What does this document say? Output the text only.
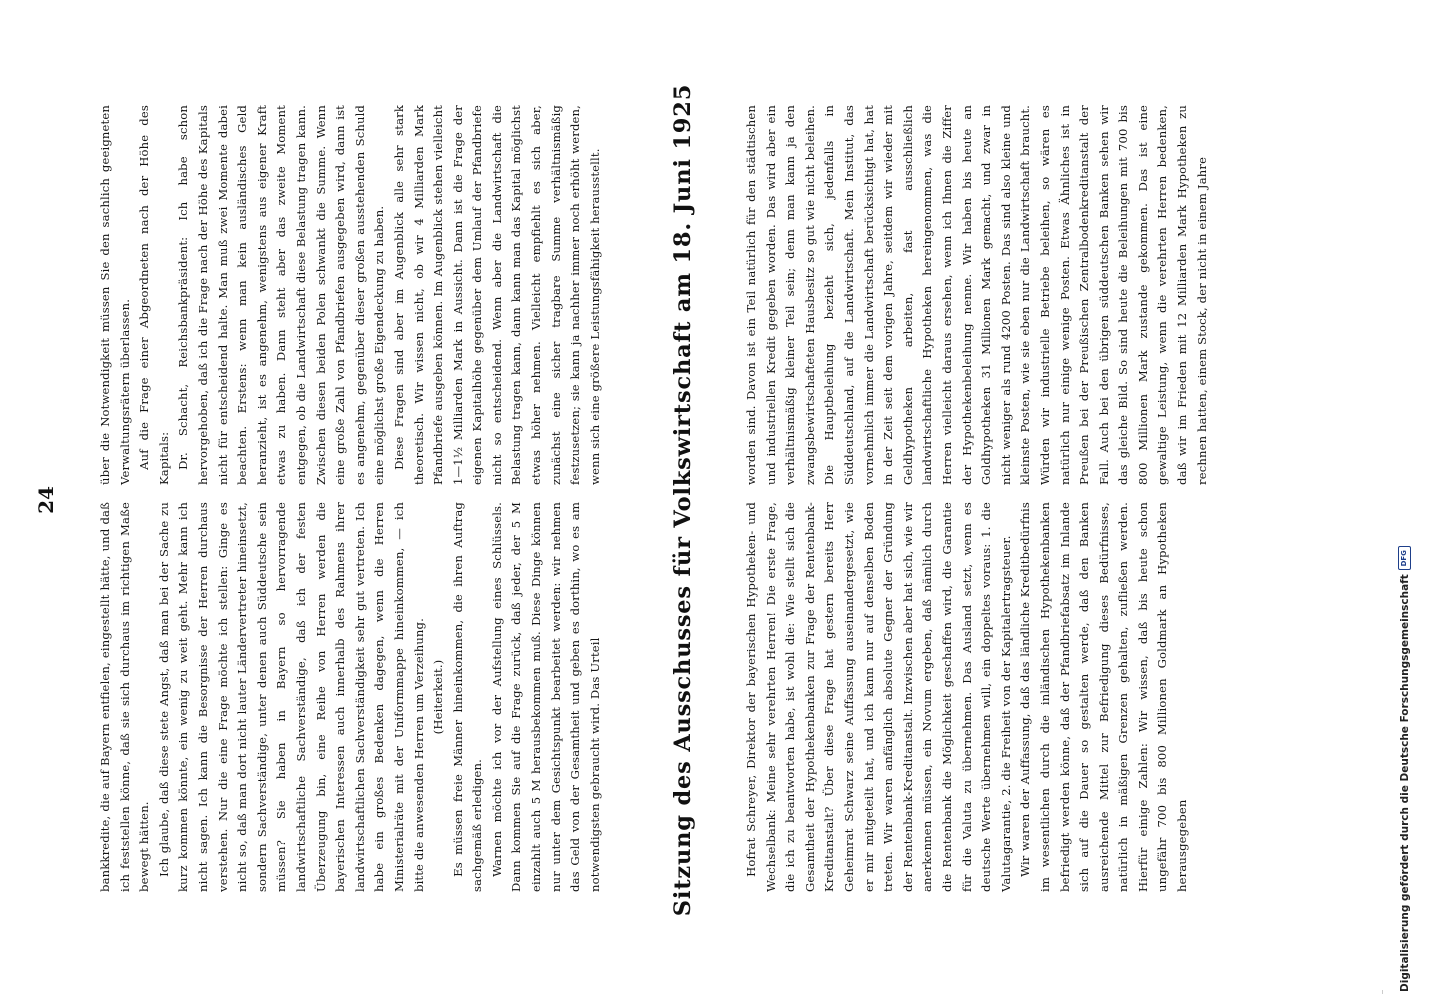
24

bankkredite, die auf Bayern entfielen, eingestellt hätte, und daß ich feststellen könne, daß sie sich durchaus im richtigen Maße bewegt hätten. Ich glaube, daß diese stete Angst, daß man bei der Sache zu kurz kommen könnte, ein wenig zu weit geht. Mehr kann ich nicht sagen. Ich kann die Besorgnisse der Herren durchaus verstehen. Nur die eine Frage möchte ich stellen: Ginge es nicht so, daß man dort nicht lauter Ländervertreter hineinsetzt, sondern Sachverständige, unter denen auch Süddeutsche sein müssen? Sie haben in Bayern so hervorragende landwirtschaftliche Sachverständige, daß ich der festen Überzeugung bin, eine Reihe von Herren werden die bayerischen Interessen auch innerhalb des Rahmens ihrer landwirtschaftlichen Sachverständigkeit sehr gut vertreten. Ich habe ein großes Bedenken dagegen, wenn die Herren Ministerialräte mit der Uniformmappe hineinkommen, — ich bitte die anwesenden Herren um Verzeihung. (Heiterkeit.) Es müssen freie Männer hineinkommen, die ihren Auftrag sachgemäß erledigen. Warnen möchte ich vor der Aufstellung eines Schlüssels. Dann kommen Sie auf die Frage zurück, daß jeder, der 5 M einzahlt auch 5 M herausbekommen muß. Diese Dinge können nur unter dem Gesichtspunkt bearbeitet werden: wir nehmen das Geld von der Gesamtheit und geben es dorthin, wo es am notwendigsten gebraucht wird. Das Urteil

über die Notwendigkeit müssen Sie den sachlich geeigneten Verwaltungsrätern überlassen. Auf die Frage einer Abgeordneten nach der Höhe des Kapitals: Dr. Schacht, Reichsbankpräsident: Ich habe schon hervorgehoben, daß ich die Frage nach der Höhe des Kapitals nicht für entscheidend halte. Man muß zwei Momente dabei beachten. Erstens: wenn man kein ausländisches Geld heranzieht, ist es angenehm, wenigstens aus eigener Kraft etwas zu haben. Dann steht aber das zweite Moment entgegen, ob die Landwirtschaft diese Belastung tragen kann. Zwischen diesen beiden Polen schwankt die Summe. Wenn eine große Zahl von Pfandbriefen ausgegeben wird, dann ist es angenehm, gegenüber dieser großen ausstehenden Schuld eine möglichst große Eigendeckung zu haben. Diese Fragen sind aber im Augenblick alle sehr stark theoretisch. Wir wissen nicht, ob wir 4 Milliarden Mark Pfandbriefe ausgeben können. Im Augenblick stehen vielleicht 1—1½ Milliarden Mark in Aussicht. Dann ist die Frage der eigenen Kapitalhöhe gegenüber dem Umlauf der Pfandbriefe nicht so entscheidend. Wenn aber die Landwirtschaft die Belastung tragen kann, dann kann man das Kapital möglichst etwas höher nehmen. Vielleicht empfiehlt es sich aber, zunächst eine sicher tragbare Summe verhältnismäßig festzusetzen; sie kann ja nachher immer noch erhöht werden, wenn sich eine größere Leistungsfähigkeit herausstellt.	Sitzung des Ausschusses für Volkswirtschaft am 18. Juni 1925	Hofrat Schreyer, Direktor der bayerischen Hypotheken- und Wechselbank: Meine sehr verehrten Herren! Die erste Frage, die ich zu beantworten habe, ist wohl die: Wie stellt sich die Gesamtheit der Hypothekenbanken zur Frage der Rentenbank-Kreditanstalt? Über diese Frage hat gestern bereits Herr Geheimrat Schwarz seine Auffassung auseinandergesetzt, wie er mir mitgeteilt hat, und ich kann nur auf denselben Boden treten. Wir waren anfänglich absolute Gegner der Gründung der Rentenbank-Kreditanstalt. Inzwischen aber hat sich, wie wir anerkennen müssen, ein Novum ergeben, daß nämlich durch die Rentenbank die Möglichkeit geschaffen wird, die Garantie für die Valuta zu übernehmen. Das Ausland setzt, wenn es deutsche Werte übernehmen will, ein doppeltes voraus: 1. die Valutagarantie, 2. die Freiheit von der Kapitalertragsteuer. Wir waren der Auffassung, daß das ländliche Kreditbedürfnis im wesentlichen durch die inländischen Hypothekenbanken befriedigt werden könne, daß der Pfandbriefabsatz im Inlande sich auf die Dauer so gestalten werde, daß den Banken ausreichende Mittel zur Befriedigung dieses Bedürfnisses, natürlich in mäßigen Grenzen gehalten, zufließen werden. Hierfür einige Zahlen: Wir wissen, daß bis heute schon ungefähr 700 bis 800 Millionen Goldmark an Hypotheken herausgegeben

worden sind. Davon ist ein Teil natürlich für den städtischen und industriellen Kredit gegeben worden. Das wird aber ein verhältnismäßig kleiner Teil sein; denn man kann ja den zwangsbewirtschafteten Hausbesitz so gut wie nicht beleihen. Die Hauptbeleihung bezieht sich, jedenfalls in Süddeutschland, auf die Landwirtschaft. Mein Institut, das vornehmlich immer die Landwirtschaft berücksichtigt hat, hat in der Zeit seit dem vorigen Jahre, seitdem wir wieder mit Geldhypotheken arbeiten, fast ausschließlich landwirtschaftliche Hypotheken hereingenommen, was die Herren vielleicht daraus ersehen, wenn ich Ihnen die Ziffer der Hypothekenbeleihung nenne. Wir haben bis heute an Goldhypotheken 31 Millionen Mark gemacht, und zwar in nicht weniger als rund 4200 Posten. Das sind also kleine und kleinste Posten, wie sie eben nur die Landwirtschaft braucht. Würden wir industrielle Betriebe beleihen, so wären es natürlich nur einige wenige Posten. Etwas Ähnliches ist in Preußen bei der Preußischen Zentralbodenkreditanstalt der Fall. Auch bei den übrigen süddeutschen Banken sehen wir das gleiche Bild. So sind heute die Beleihungen mit 700 bis 800 Millionen Mark zustande gekommen. Das ist eine gewaltige Leistung, wenn die verehrten Herren bedenken, daß wir im Frieden mit 12 Milliarden Mark Hypotheken zu rechnen hatten, einem Stock, der nicht in einem Jahre

Digitalisierung gefördert durch die Deutsche Forschungsgemeinschaft
DFG
